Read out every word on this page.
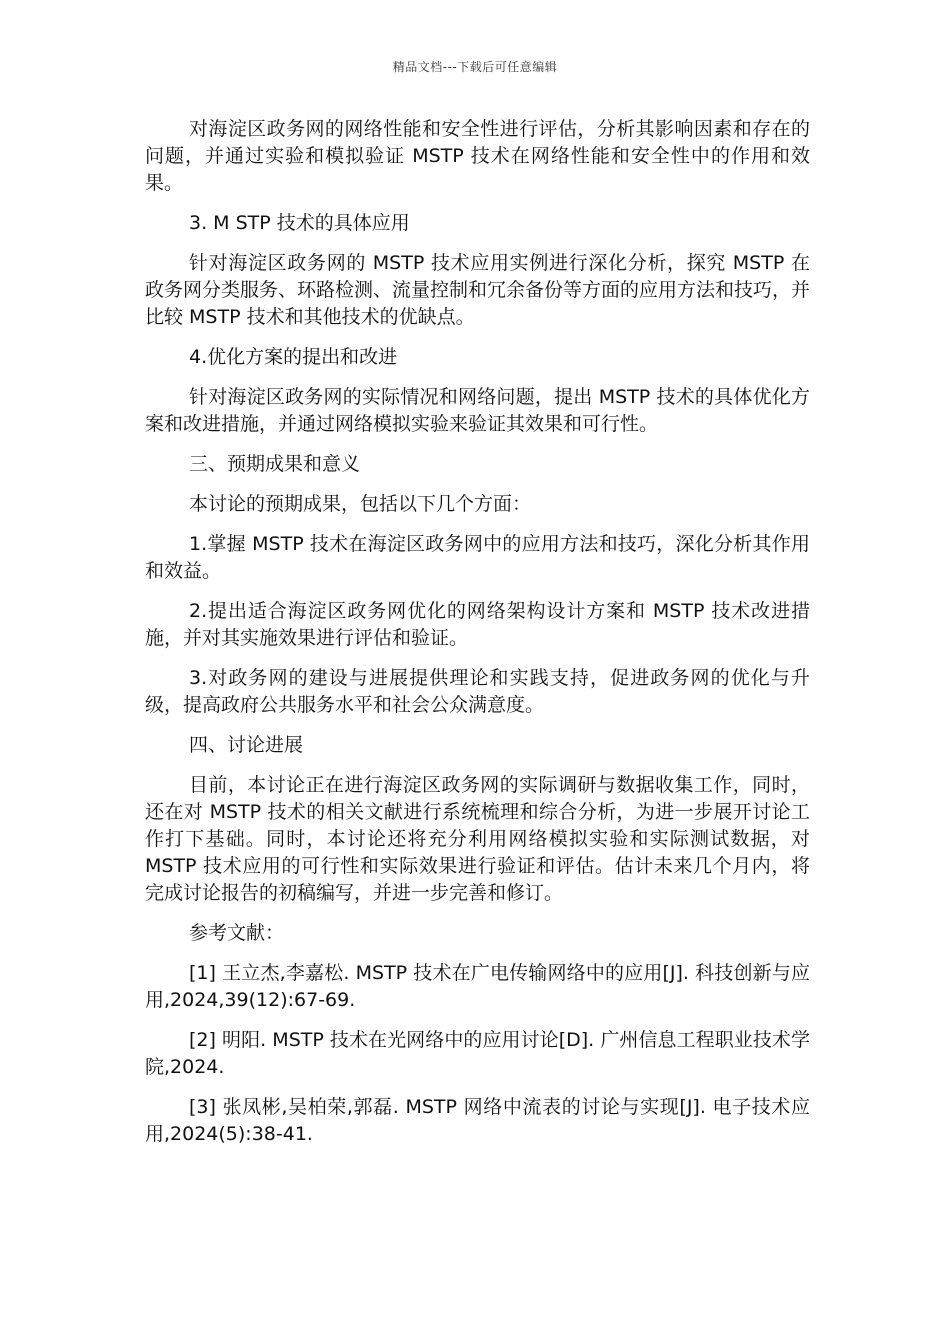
精品文档---下载后可任意编辑

对海淀区政务网的网络性能和安全性进行评估，分析其影响因素和存在的问题，并通过实验和模拟验证 MSTP 技术在网络性能和安全性中的作用和效果。

3. M STP 技术的具体应用

针对海淀区政务网的 MSTP 技术应用实例进行深化分析，探究 MSTP 在政务网分类服务、环路检测、流量控制和冗余备份等方面的应用方法和技巧，并比较 MSTP 技术和其他技术的优缺点。

4.优化方案的提出和改进

针对海淀区政务网的实际情况和网络问题，提出 MSTP 技术的具体优化方案和改进措施，并通过网络模拟实验来验证其效果和可行性。

三、预期成果和意义

本讨论的预期成果，包括以下几个方面：

1.掌握 MSTP 技术在海淀区政务网中的应用方法和技巧，深化分析其作用和效益。

2.提出适合海淀区政务网优化的网络架构设计方案和 MSTP 技术改进措施，并对其实施效果进行评估和验证。

3.对政务网的建设与进展提供理论和实践支持，促进政务网的优化与升级，提高政府公共服务水平和社会公众满意度。

四、讨论进展

目前，本讨论正在进行海淀区政务网的实际调研与数据收集工作，同时，还在对 MSTP 技术的相关文献进行系统梳理和综合分析，为进一步展开讨论工作打下基础。同时，本讨论还将充分利用网络模拟实验和实际测试数据，对 MSTP 技术应用的可行性和实际效果进行验证和评估。估计未来几个月内，将完成讨论报告的初稿编写，并进一步完善和修订。

参考文献：

[1] 王立杰,李嘉松. MSTP 技术在广电传输网络中的应用[J]. 科技创新与应用,2024,39(12):67-69.

[2] 明阳. MSTP 技术在光网络中的应用讨论[D]. 广州信息工程职业技术学院,2024.

[3] 张凤彬,吴柏荣,郭磊. MSTP 网络中流表的讨论与实现[J]. 电子技术应用,2024(5):38-41.
